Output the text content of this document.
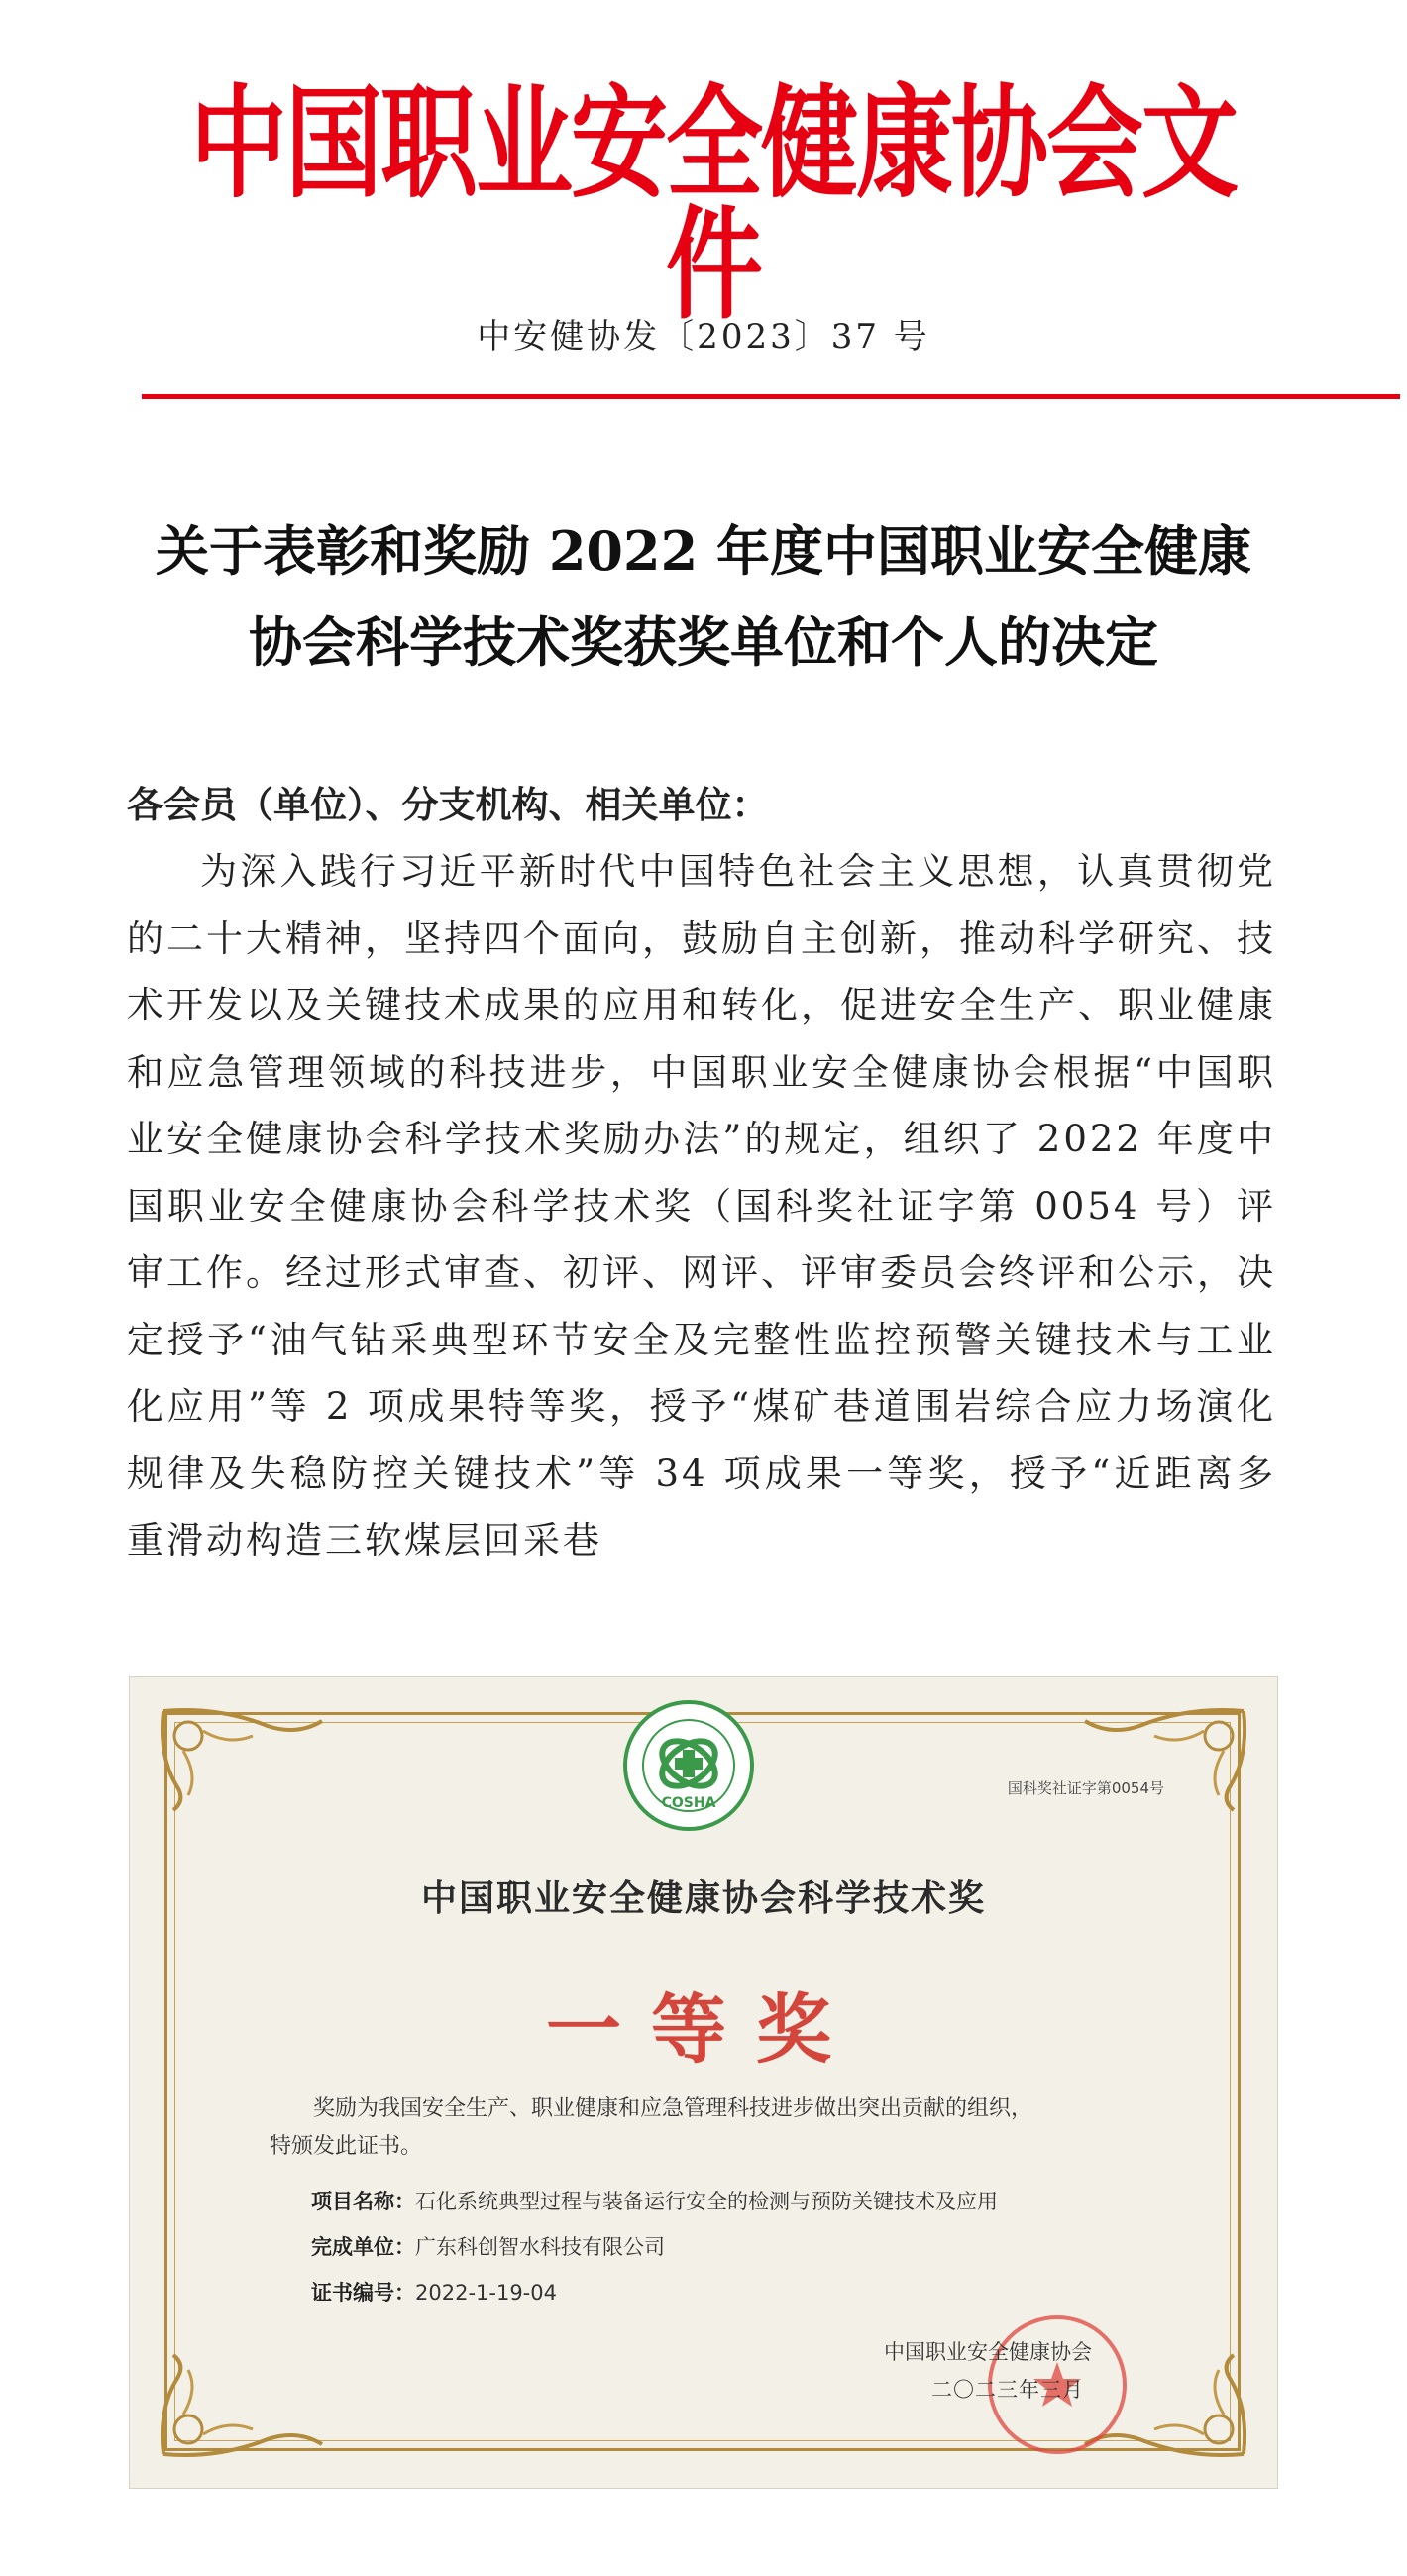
中国职业安全健康协会文件
中安健协发〔2023〕37 号
关于表彰和奖励 2022 年度中国职业安全健康
协会科学技术奖获奖单位和个人的决定

各会员（单位）、分支机构、相关单位：

为深入践行习近平新时代中国特色社会主义思想，认真贯彻党的二十大精神，坚持四个面向，鼓励自主创新，推动科学研究、技术开发以及关键技术成果的应用和转化，促进安全生产、职业健康和应急管理领域的科技进步，中国职业安全健康协会根据“中国职业安全健康协会科学技术奖励办法”的规定，组织了 2022 年度中国职业安全健康协会科学技术奖（国科奖社证字第 0054 号）评审工作。经过形式审查、初评、网评、评审委员会终评和公示，决定授予“油气钻采典型环节安全及完整性监控预警关键技术与工业化应用”等 2 项成果特等奖，授予“煤矿巷道围岩综合应力场演化规律及失稳防控关键技术”等 34 项成果一等奖，授予“近距离多重滑动构造三软煤层回采巷

COSHA
国科奖社证字第0054号
中国职业安全健康协会科学技术奖
一等奖
奖励为我国安全生产、职业健康和应急管理科技进步做出突出贡献的组织，
特颁发此证书。
项目名称：石化系统典型过程与装备运行安全的检测与预防关键技术及应用
完成单位：广东科创智水科技有限公司
证书编号：2022-1-19-04
中国职业安全健康协会
二〇二三年三月
